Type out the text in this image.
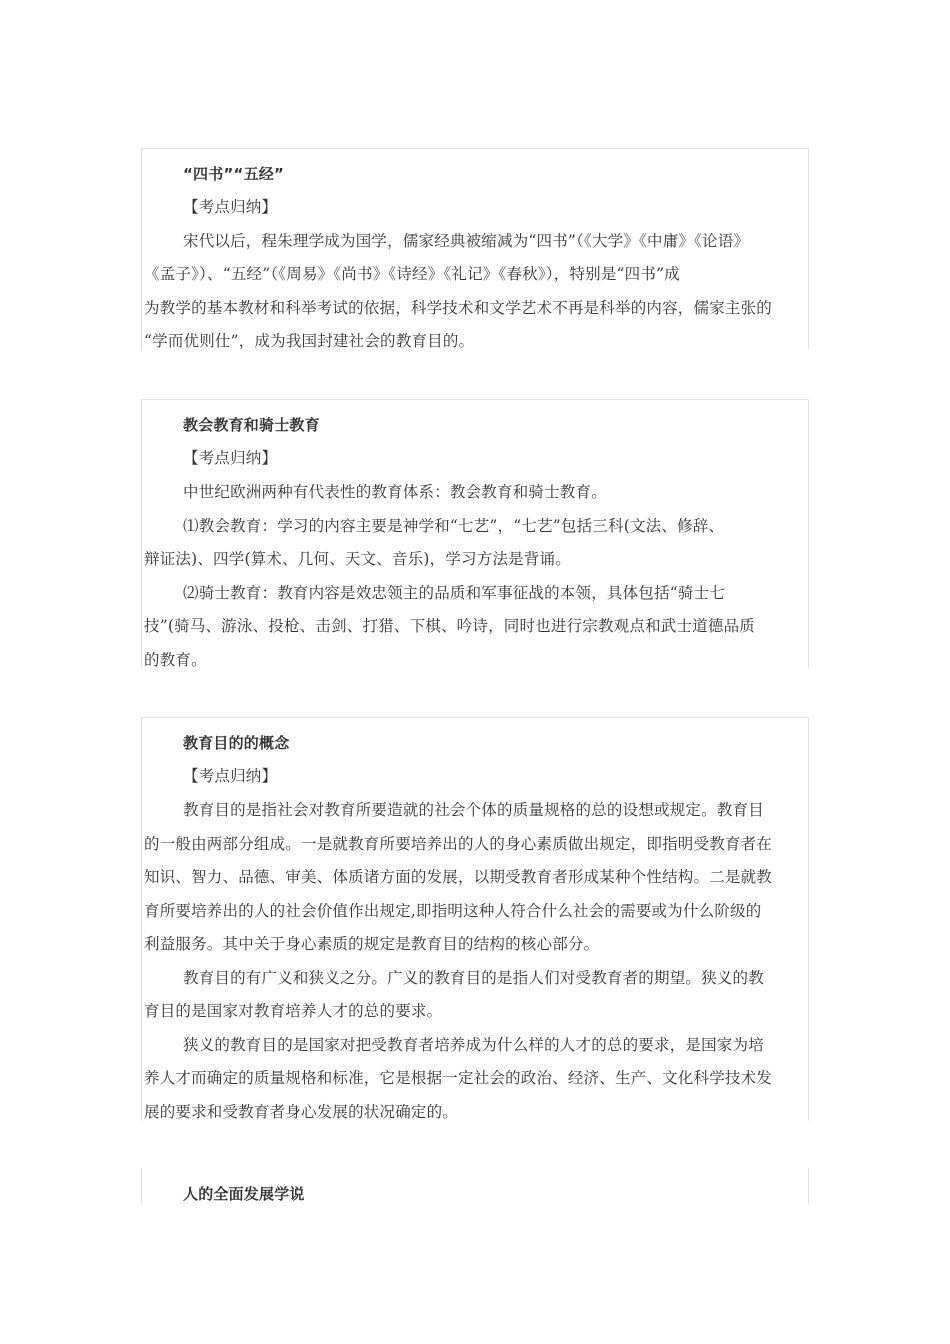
“四书”“五经”
【考点归纳】
宋代以后，程朱理学成为国学，儒家经典被缩减为“四书”（《大学》《中庸》《论语》
《孟子》）、“五经”（《周易》《尚书》《诗经》《礼记》《春秋》），特别是“四书”成
为教学的基本教材和科举考试的依据，科学技术和文学艺术不再是科举的内容，儒家主张的
“学而优则仕”，成为我国封建社会的教育目的。
教会教育和骑士教育
【考点归纳】
中世纪欧洲两种有代表性的教育体系：教会教育和骑士教育。
⑴教会教育：学习的内容主要是神学和“七艺”，“七艺”包括三科(文法、修辞、
辩证法)、四学(算术、几何、天文、音乐)，学习方法是背诵。
⑵骑士教育：教育内容是效忠领主的品质和军事征战的本领，具体包括“骑士七
技”(骑马、游泳、投枪、击剑、打猎、下棋、吟诗，同时也进行宗教观点和武士道德品质
的教育。
教育目的的概念
【考点归纳】
教育目的是指社会对教育所要造就的社会个体的质量规格的总的设想或规定。教育目
的一般由两部分组成。一是就教育所要培养出的人的身心素质做出规定，即指明受教育者在
知识、智力、品德、审美、体质诸方面的发展，以期受教育者形成某种个性结构。二是就教
育所要培养出的人的社会价值作出规定,即指明这种人符合什么社会的需要或为什么阶级的
利益服务。其中关于身心素质的规定是教育目的结构的核心部分。
教育目的有广义和狭义之分。广义的教育目的是指人们对受教育者的期望。狭义的教
育目的是国家对教育培养人才的总的要求。
狭义的教育目的是国家对把受教育者培养成为什么样的人才的总的要求，是国家为培
养人才而确定的质量规格和标准，它是根据一定社会的政治、经济、生产、文化科学技术发
展的要求和受教育者身心发展的状况确定的。
人的全面发展学说
